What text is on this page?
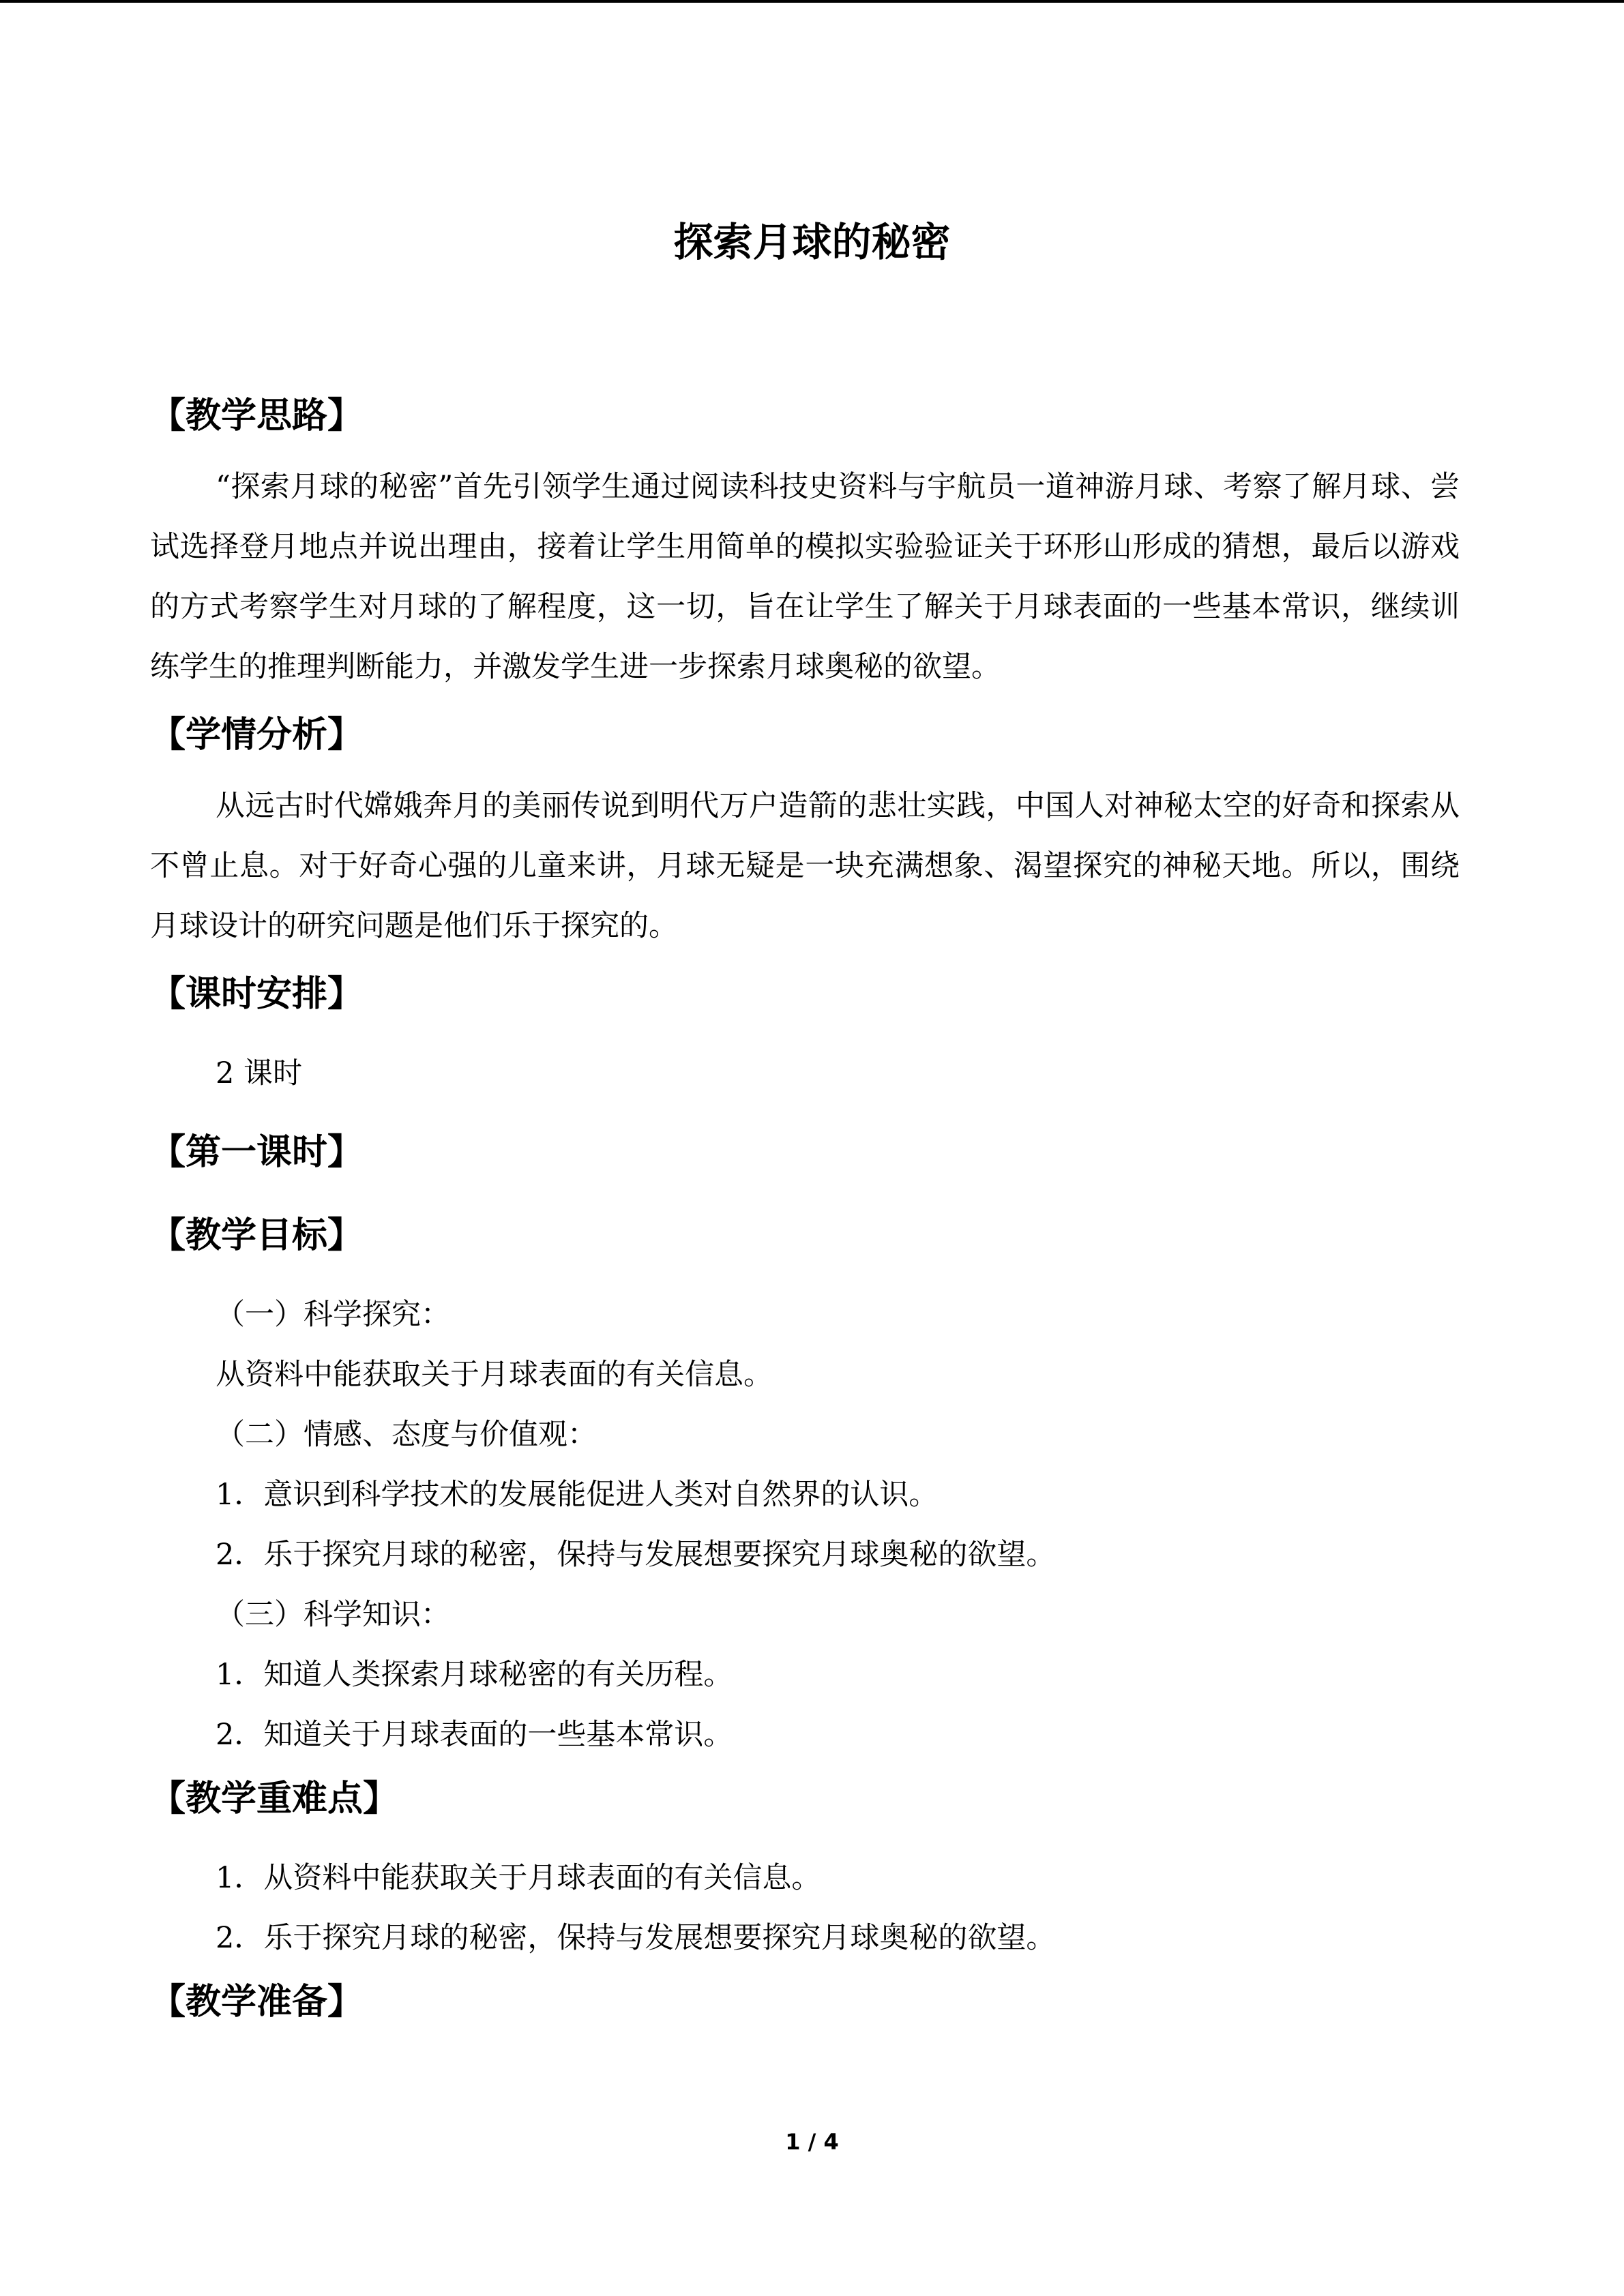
探索月球的秘密
【教学思路】
“探索月球的秘密”首先引领学生通过阅读科技史资料与宇航员一道神游月球、考察了解月球、尝试选择登月地点并说出理由，接着让学生用简单的模拟实验验证关于环形山形成的猜想，最后以游戏的方式考察学生对月球的了解程度，这一切，旨在让学生了解关于月球表面的一些基本常识，继续训练学生的推理判断能力，并激发学生进一步探索月球奥秘的欲望。
【学情分析】
从远古时代嫦娥奔月的美丽传说到明代万户造箭的悲壮实践，中国人对神秘太空的好奇和探索从不曾止息。对于好奇心强的儿童来讲，月球无疑是一块充满想象、渴望探究的神秘天地。所以，围绕月球设计的研究问题是他们乐于探究的。
【课时安排】
2 课时
【第一课时】
【教学目标】
（一）科学探究：
从资料中能获取关于月球表面的有关信息。
（二）情感、态度与价值观：
1．意识到科学技术的发展能促进人类对自然界的认识。
2．乐于探究月球的秘密，保持与发展想要探究月球奥秘的欲望。
（三）科学知识：
1．知道人类探索月球秘密的有关历程。
2．知道关于月球表面的一些基本常识。
【教学重难点】
1．从资料中能获取关于月球表面的有关信息。
2．乐于探究月球的秘密，保持与发展想要探究月球奥秘的欲望。
【教学准备】
1 / 4
